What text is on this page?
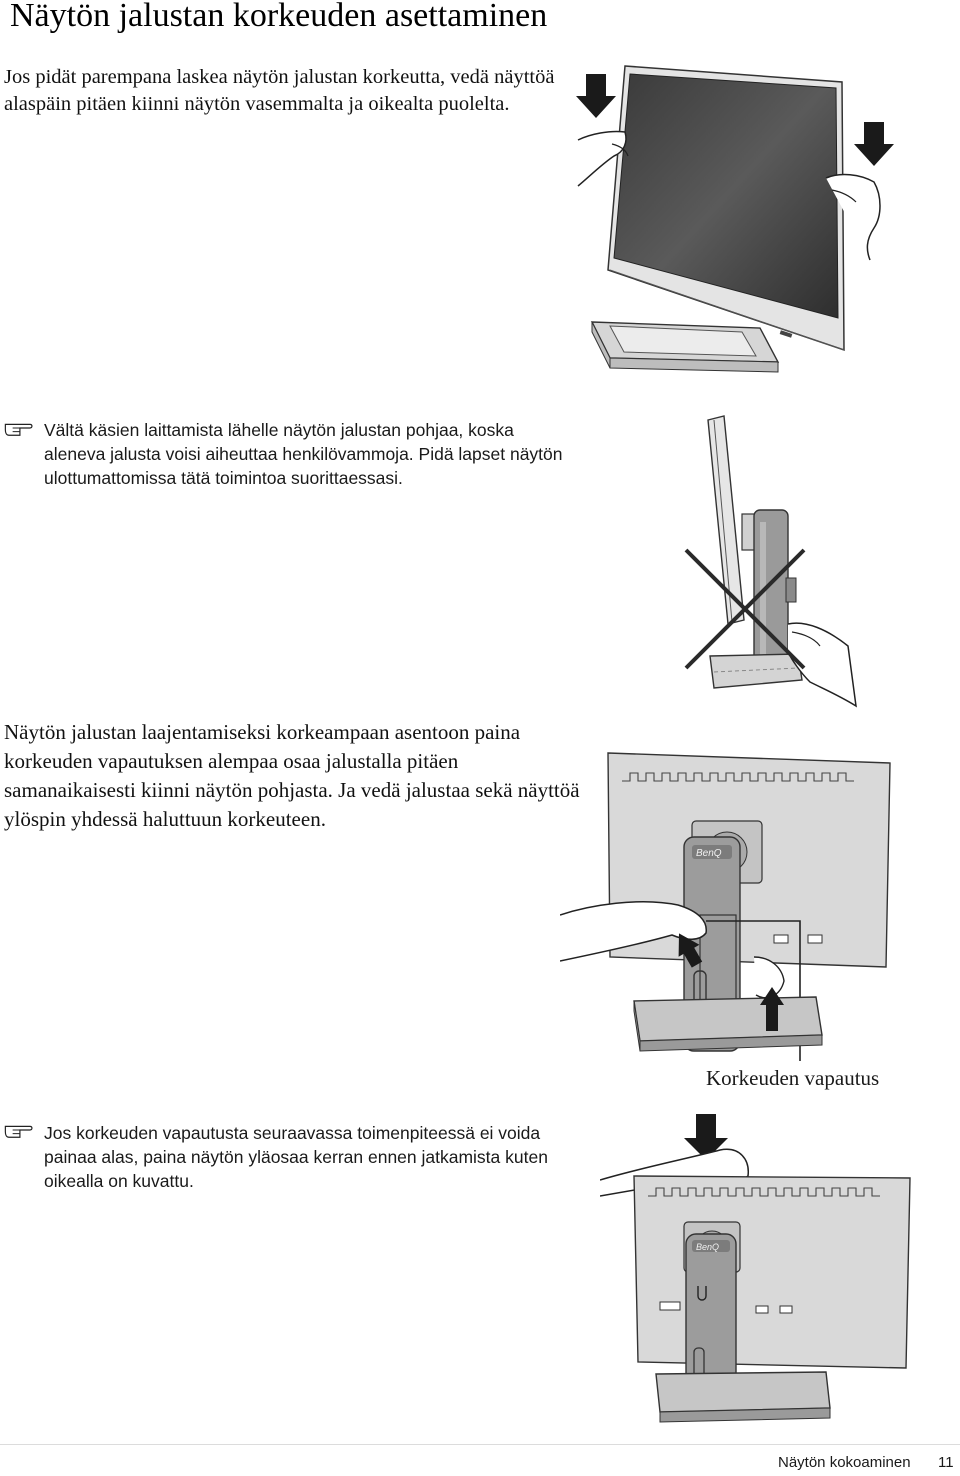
Näytön jalustan korkeuden asettaminen
Jos pidät parempana laskea näytön jalustan korkeutta, vedä näyttöä alaspäin pitäen kiinni näytön vasemmalta ja oikealta puolelta.
Vältä käsien laittamista lähelle näytön jalustan pohjaa, koska aleneva jalusta voisi aiheuttaa henkilövammoja. Pidä lapset näytön ulottumattomissa tätä toimintoa suorittaessasi.
Näytön jalustan laajentamiseksi korkeampaan asentoon paina korkeuden vapautuksen alempaa osaa jalustalla pitäen samanaikaisesti kiinni näytön pohjasta. Ja vedä jalustaa sekä näyttöä ylöspin yhdessä haluttuun korkeuteen.
BenQ
Korkeuden vapautus
Jos korkeuden vapautusta seuraavassa toimenpiteessä ei voida painaa alas, paina näytön yläosaa kerran ennen jatkamista kuten oikealla on kuvattu.
BenQ
Näytön kokoaminen 11
